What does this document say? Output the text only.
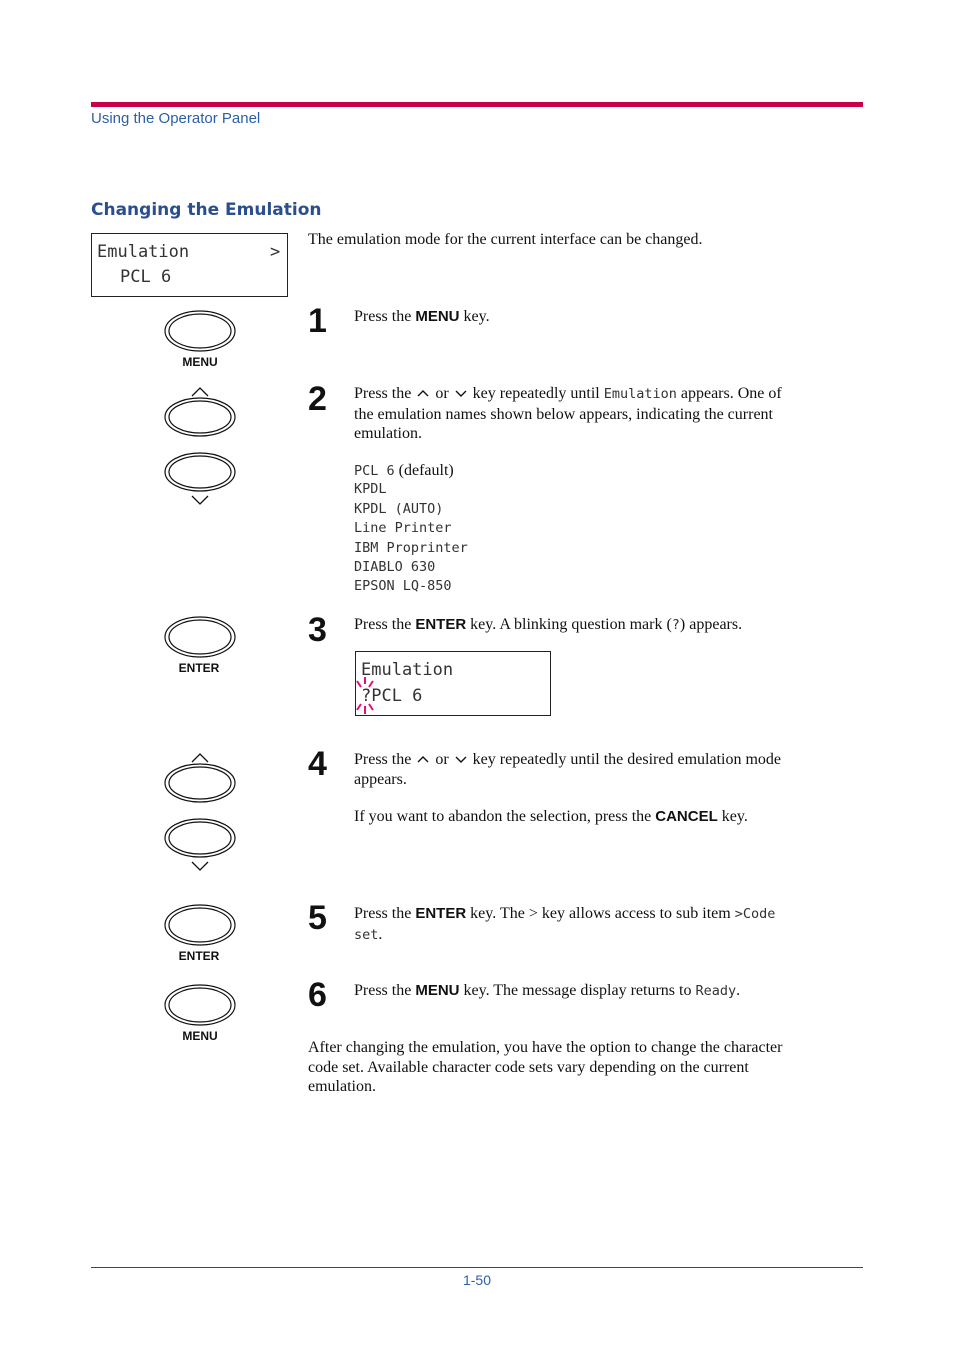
Using the Operator Panel
Changing the Emulation
Emulation	>
PCL 6
The emulation mode for the current interface can be changed.
MENU
ENTER
ENTER
MENU
1 Press the MENU key.
2 Press the or key repeatedly until Emulation appears. One of
the emulation names shown below appears, indicating the current
emulation.
PCL 6 (default)
KPDL
KPDL (AUTO)
Line Printer
IBM Proprinter
DIABLO 630
EPSON LQ-850
3 Press the ENTER key. A blinking question mark (?) appears.
Emulation
?PCL 6
4 Press the or key repeatedly until the desired emulation mode
appears.
If you want to abandon the selection, press the CANCEL key.
5 Press the ENTER key. The > key allows access to sub item >Code
set.
6 Press the MENU key. The message display returns to Ready.
After changing the emulation, you have the option to change the character
code set. Available character code sets vary depending on the current
emulation.
1-50
